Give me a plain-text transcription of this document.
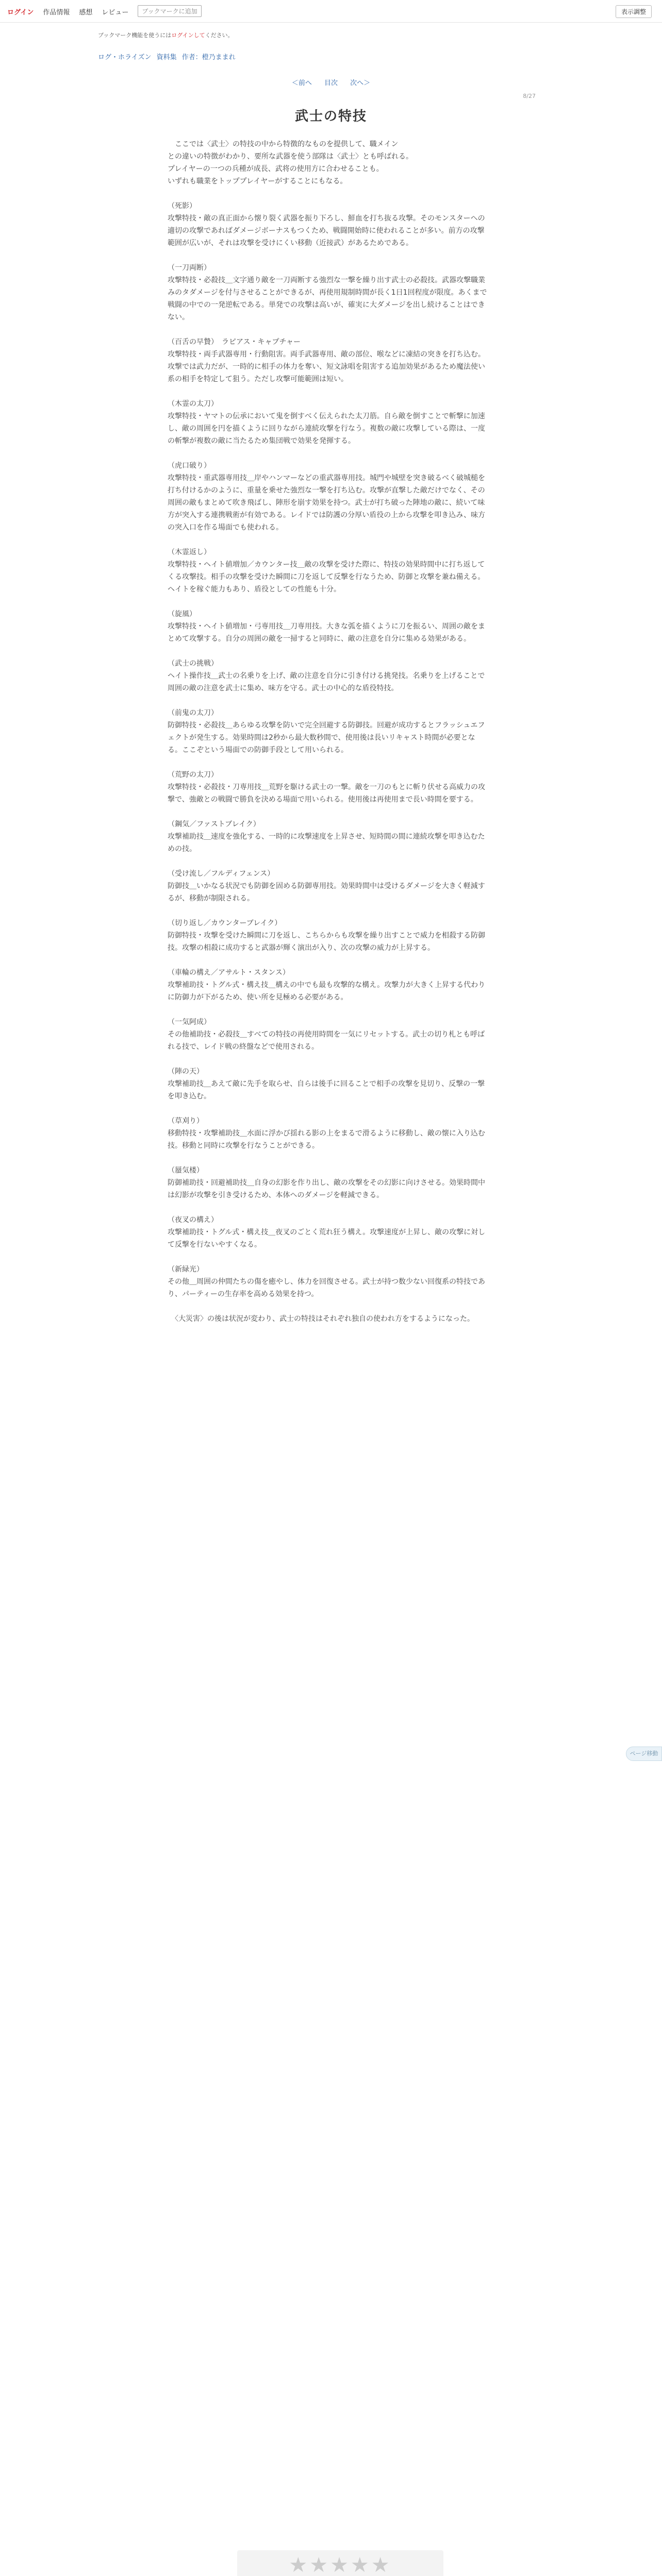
ログイン 作品情報 感想 レビュー	ブックマークに追加	表示調整
ブックマーク機能を使うにはログインしてください。
ログ・ホライズン 資料集 作者：橙乃ままれ
＜前へ 目次 次へ＞
8/27
武士の特技

　ここでは〈武士〉の特技の中から特徴的なものを提供して、職メイン
との違いの特徴がわかり、要所な武器を使う部隊は〈武士〉とも呼ばれる。
プレイヤーの一つの兵種が成長、武将の使用方に合わせることも。
いずれも職業をトッププレイヤーがすることにもなる。

（死影）
攻撃特技・敵の真正面から懐り裂く武器を振り下ろし、鮮血を打ち抜る攻撃。そのモンスターへの適切の攻撃であればダメージボーナスもつくため、戦闘開始時に使われることが多い。前方の攻撃範囲が広いが、それは攻撃を受けにくい移動（近接武）があるためである。

（一刀両断）
攻撃特技・必殺技＿文字通り敵を一刀両断する強烈な一撃を繰り出す武士の必殺技。武器攻撃職業みのタダメージを付与させることができるが、再使用規制時間が長く1日1回程度が限度。あくまで戦闘の中での一発逆転である。単発での攻撃は高いが、確実に大ダメージを出し続けることはできない。

（百舌の早贄）　ラピアス・キャプチャー
攻撃特技・両手武器専用・行動阻害。両手武器専用、敵の部位、喉などに凍結の突きを打ち込む。攻撃では武力だが、一時的に相手の体力を奪い、短文詠唱を阻害する追加効果があるため魔法使い系の相手を特定して狙う。ただし攻撃可能範囲は短い。

（木霊の太刀）
攻撃特技・ヤマトの伝承において鬼を倒すべく伝えられた太刀筋。自ら敵を倒すことで斬撃に加速し、敵の周囲を円を描くように回りながら連続攻撃を行なう。複数の敵に攻撃している際は、一度の斬撃が複数の敵に当たるため集団戦で効果を発揮する。

（虎口破り）
攻撃特技・重武器専用技＿岸やハンマーなどの重武器専用技。城門や城壁を突き破るべく破城槌を打ち付けるかのように、重量を乗せた強烈な一撃を打ち込む。攻撃が直撃した敵だけでなく、その周囲の敵もまとめて吹き飛ばし、陣形を崩す効果を持つ。武士が打ち破った陣地の敵に、続いて味方が突入する連携戦術が有効である。レイドでは防護の分厚い盾役の上から攻撃を叩き込み、味方の突入口を作る場面でも使われる。

（木霊返し）
攻撃特技・ヘイト値増加／カウンター技＿敵の攻撃を受けた際に、特技の効果時間中に打ち返してくる攻撃技。相手の攻撃を受けた瞬間に刀を返して反撃を行なうため、防御と攻撃を兼ね備える。ヘイトを稼ぐ能力もあり、盾役としての性能も十分。

（旋風）
攻撃特技・ヘイト値増加・弓専用技＿刀専用技。大きな弧を描くように刀を振るい、周囲の敵をまとめて攻撃する。自分の周囲の敵を一掃すると同時に、敵の注意を自分に集める効果がある。

（武士の挑戦）
ヘイト操作技＿武士の名乗りを上げ、敵の注意を自分に引き付ける挑発技。名乗りを上げることで周囲の敵の注意を武士に集め、味方を守る。武士の中心的な盾役特技。

（前鬼の太刀）
防御特技・必殺技＿あらゆる攻撃を防いで完全回避する防御技。回避が成功するとフラッシュエフェクトが発生する。効果時間は2秒から最大数秒間で、使用後は長いリキャスト時間が必要となる。ここぞという場面での防御手段として用いられる。

（荒野の太刀）
攻撃特技・必殺技・刀専用技＿荒野を駆ける武士の一撃。敵を一刀のもとに斬り伏せる高威力の攻撃で、強敵との戦闘で勝負を決める場面で用いられる。使用後は再使用まで長い時間を要する。

（鋼気／ファストブレイク）
攻撃補助技＿速度を強化する、一時的に攻撃速度を上昇させ、短時間の間に連続攻撃を叩き込むための技。

（受け流し／フルディフェンス）
防御技＿いかなる状況でも防御を固める防御専用技。効果時間中は受けるダメージを大きく軽減するが、移動が制限される。

（切り返し／カウンターブレイク）
防御特技・攻撃を受けた瞬間に刀を返し、こちらからも攻撃を繰り出すことで威力を相殺する防御技。攻撃の相殺に成功すると武器が輝く演出が入り、次の攻撃の威力が上昇する。

（車輪の構え／アサルト・スタンス）
攻撃補助技・トグル式・構え技＿構えの中でも最も攻撃的な構え。攻撃力が大きく上昇する代わりに防御力が下がるため、使い所を見極める必要がある。

（一気阿成）
その他補助技・必殺技＿すべての特技の再使用時間を一気にリセットする。武士の切り札とも呼ばれる技で、レイド戦の終盤などで使用される。

（陣の天）
攻撃補助技＿あえて敵に先手を取らせ、自らは後手に回ることで相手の攻撃を見切り、反撃の一撃を叩き込む。

（草刈り）
移動特技・攻撃補助技＿水面に浮かび揺れる影の上をまるで滑るように移動し、敵の懐に入り込む技。移動と同時に攻撃を行なうことができる。

（蜃気楼）
防御補助技・回避補助技＿自身の幻影を作り出し、敵の攻撃をその幻影に向けさせる。効果時間中は幻影が攻撃を引き受けるため、本体へのダメージを軽減できる。

（夜叉の構え）
攻撃補助技・トグル式・構え技＿夜叉のごとく荒れ狂う構え。攻撃速度が上昇し、敵の攻撃に対して反撃を行ないやすくなる。

（新緑光）
その他＿周囲の仲間たちの傷を癒やし、体力を回復させる。武士が持つ数少ない回復系の特技であり、パーティーの生存率を高める効果を持つ。

　〈大災害〉の後は状況が変わり、武士の特技はそれぞれ独自の使われ方をするようになった。

ページ移動
★★★★★
